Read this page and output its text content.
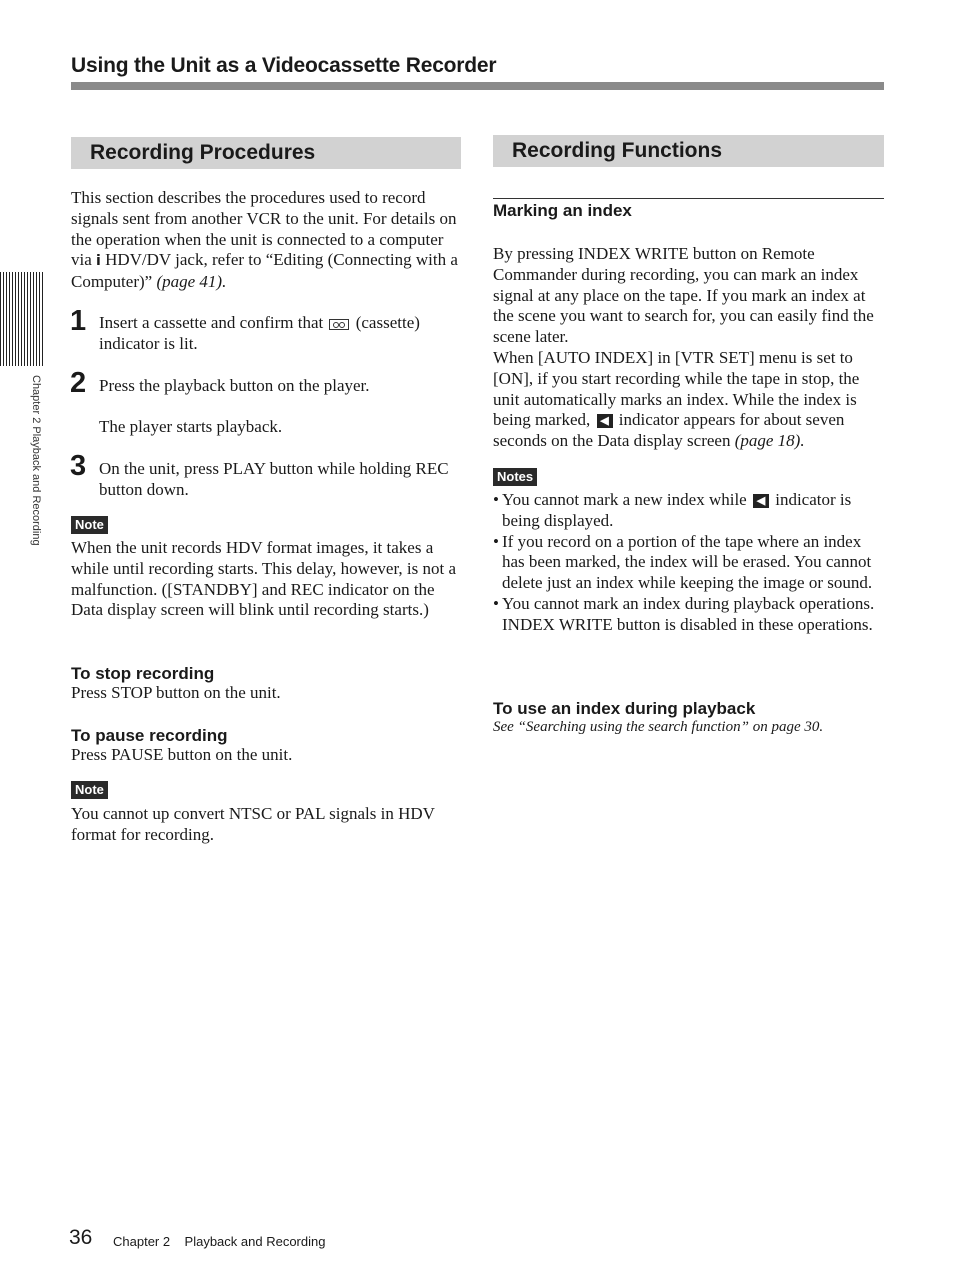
Using the Unit as a Videocassette Recorder
Chapter 2 Playback and Recording
Recording Procedures
This section describes the procedures used to record signals sent from another VCR to the unit. For details on the operation when the unit is connected to a computer via i HDV/DV jack, refer to “Editing (Connecting with a Computer)” (page 41).
1 Insert a cassette and confirm that (cassette) indicator is lit.
2 Press the playback button on the player.
The player starts playback.
3 On the unit, press PLAY button while holding REC button down.
Note
When the unit records HDV format images, it takes a while until recording starts. This delay, however, is not a malfunction. ([STANDBY] and REC indicator on the Data display screen will blink until recording starts.)
To stop recording
Press STOP button on the unit.
To pause recording
Press PAUSE button on the unit.
Note
You cannot up convert NTSC or PAL signals in HDV format for recording.
Recording Functions
Marking an index
By pressing INDEX WRITE button on Remote Commander during recording, you can mark an index signal at any place on the tape. If you mark an index at the scene you want to search for, you can easily find the scene later.
When [AUTO INDEX] in [VTR SET] menu is set to [ON], if you start recording while the tape in stop, the unit automatically marks an index. While the index is being marked, ◀ indicator appears for about seven seconds on the Data display screen (page 18).
Notes
• You cannot mark a new index while ◀ indicator is being displayed.
• If you record on a portion of the tape where an index has been marked, the index will be erased. You cannot delete just an index while keeping the image or sound.
• You cannot mark an index during playback operations. INDEX WRITE button is disabled in these operations.
To use an index during playback
See “Searching using the search function” on page 30.
36 Chapter 2    Playback and Recording
